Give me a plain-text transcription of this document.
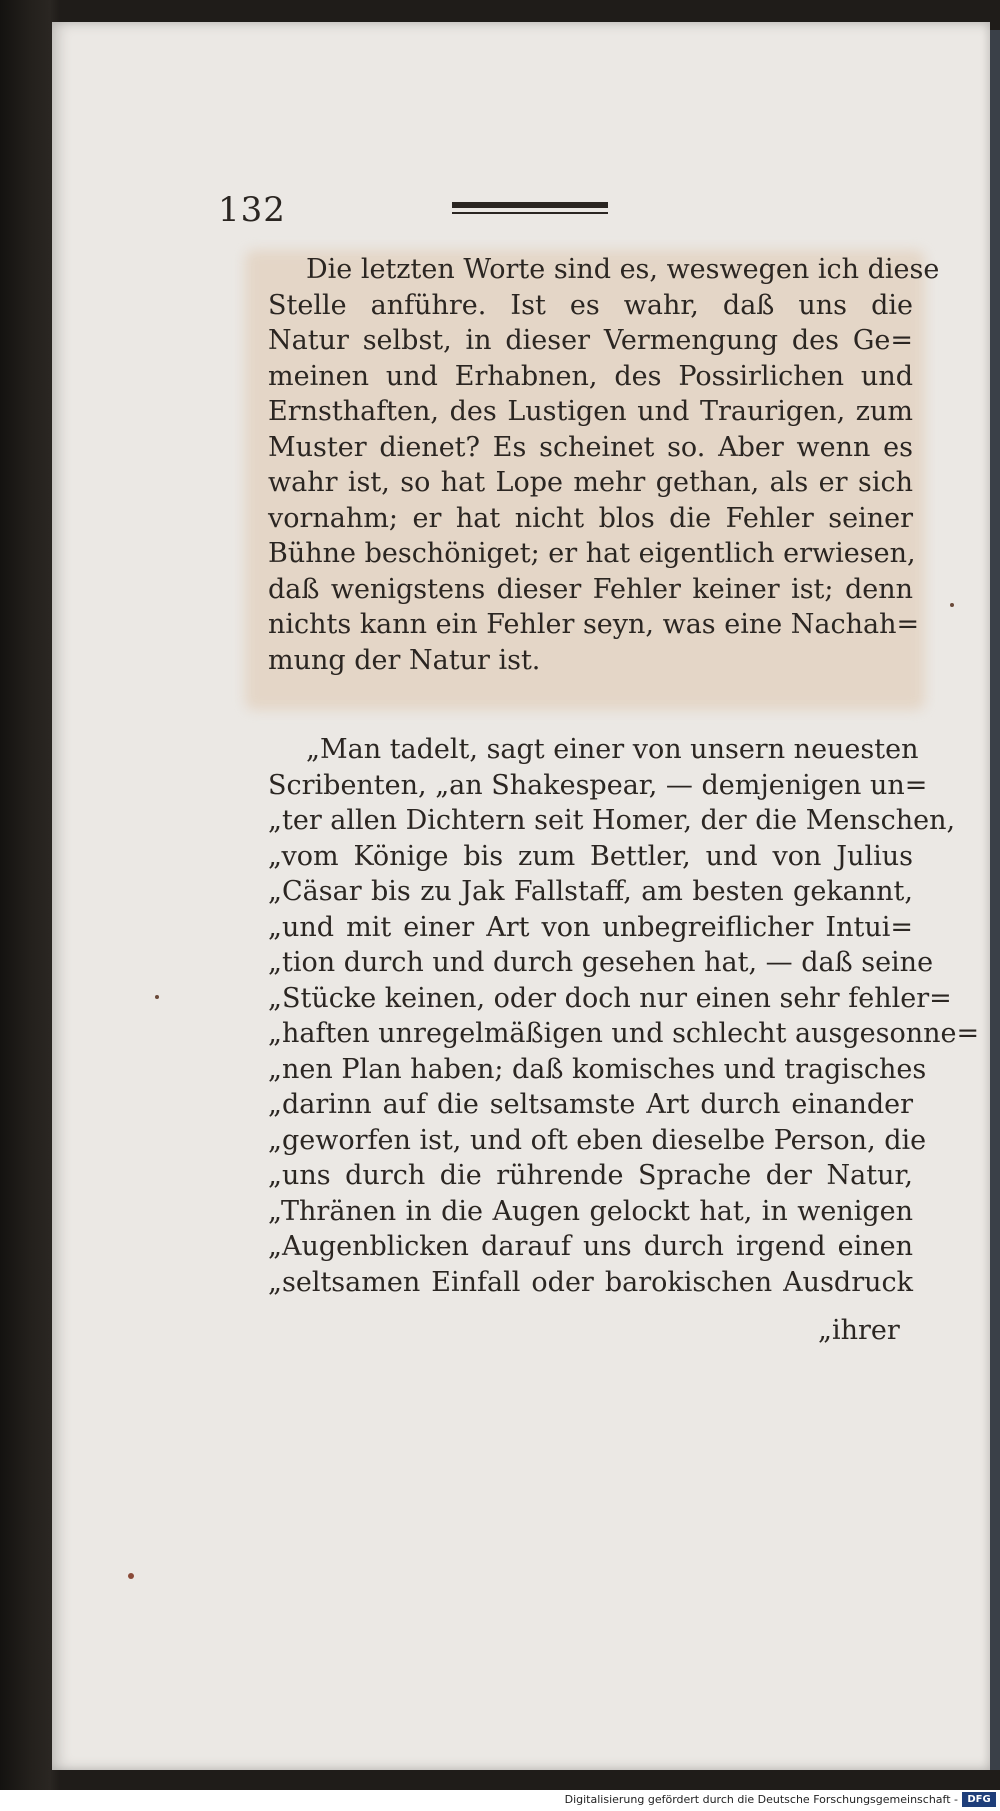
132
Die letzten Worte sind es, weswegen ich diese
Stelle anführe. Ist es wahr, daß uns die
Natur selbst, in dieser Vermengung des Ge=
meinen und Erhabnen, des Possirlichen und
Ernsthaften, des Lustigen und Traurigen, zum
Muster dienet? Es scheinet so. Aber wenn es
wahr ist, so hat Lope mehr gethan, als er sich
vornahm; er hat nicht blos die Fehler seiner
Bühne beschöniget; er hat eigentlich erwiesen,
daß wenigstens dieser Fehler keiner ist; denn
nichts kann ein Fehler seyn, was eine Nachah=
mung der Natur ist.
„Man tadelt, sagt einer von unsern neuesten
Scribenten, „an Shakespear, — demjenigen un=
„ter allen Dichtern seit Homer, der die Menschen,
„vom Könige bis zum Bettler, und von Julius
„Cäsar bis zu Jak Fallstaff, am besten gekannt,
„und mit einer Art von unbegreiflicher Intui=
„tion durch und durch gesehen hat, — daß seine
„Stücke keinen, oder doch nur einen sehr fehler=
„haften unregelmäßigen und schlecht ausgesonne=
„nen Plan haben; daß komisches und tragisches
„darinn auf die seltsamste Art durch einander
„geworfen ist, und oft eben dieselbe Person, die
„uns durch die rührende Sprache der Natur,
„Thränen in die Augen gelockt hat, in wenigen
„Augenblicken darauf uns durch irgend einen
„seltsamen Einfall oder barokischen Ausdruck
„ihrer
Digitalisierung gefördert durch die Deutsche Forschungsgemeinschaft - DFG
